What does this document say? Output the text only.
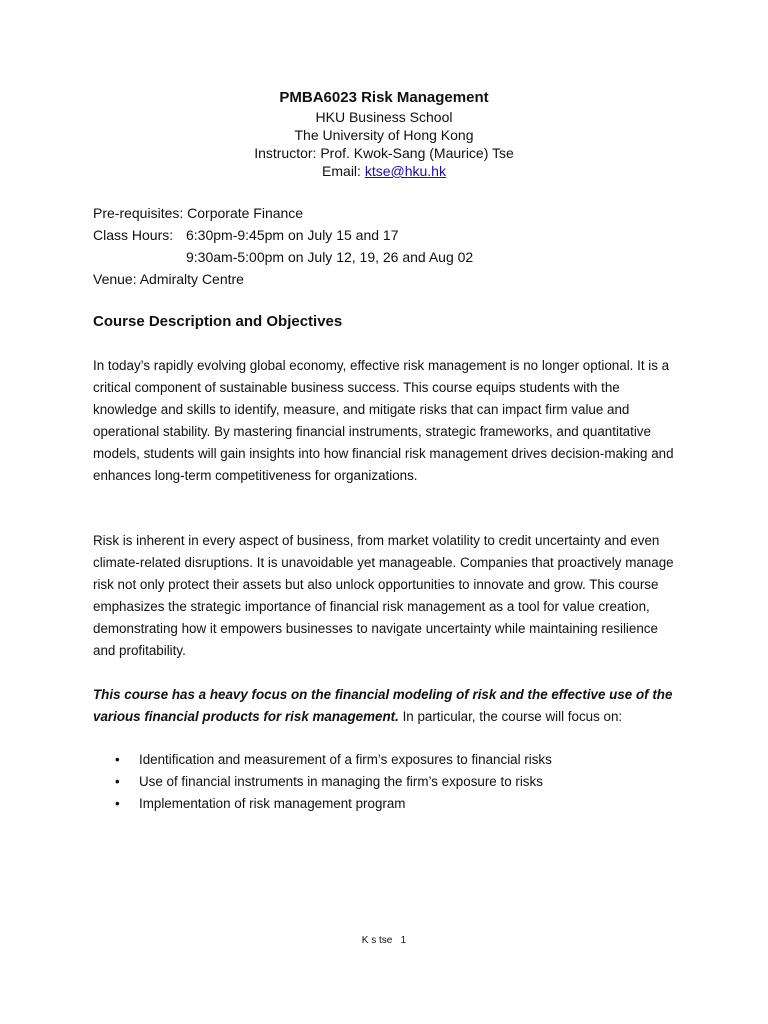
PMBA6023 Risk Management
HKU Business School
The University of Hong Kong
Instructor: Prof. Kwok-Sang (Maurice) Tse
Email: ktse@hku.hk
Pre-requisites: Corporate Finance
Class Hours: 6:30pm-9:45pm on July 15 and 17
9:30am-5:00pm on July 12, 19, 26 and Aug 02
Venue: Admiralty Centre
Course Description and Objectives

In today’s rapidly evolving global economy, effective risk management is no longer optional. It is a critical component of sustainable business success. This course equips students with the knowledge and skills to identify, measure, and mitigate risks that can impact firm value and operational stability. By mastering financial instruments, strategic frameworks, and quantitative models, students will gain insights into how financial risk management drives decision-making and enhances long-term competitiveness for organizations.

Risk is inherent in every aspect of business, from market volatility to credit uncertainty and even climate-related disruptions. It is unavoidable yet manageable. Companies that proactively manage risk not only protect their assets but also unlock opportunities to innovate and grow. This course emphasizes the strategic importance of financial risk management as a tool for value creation, demonstrating how it empowers businesses to navigate uncertainty while maintaining resilience and profitability.

This course has a heavy focus on the financial modeling of risk and the effective use of the various financial products for risk management. In particular, the course will focus on:

• Identification and measurement of a firm’s exposures to financial risks
• Use of financial instruments in managing the firm’s exposure to risks
• Implementation of risk management program
K s tse   1
